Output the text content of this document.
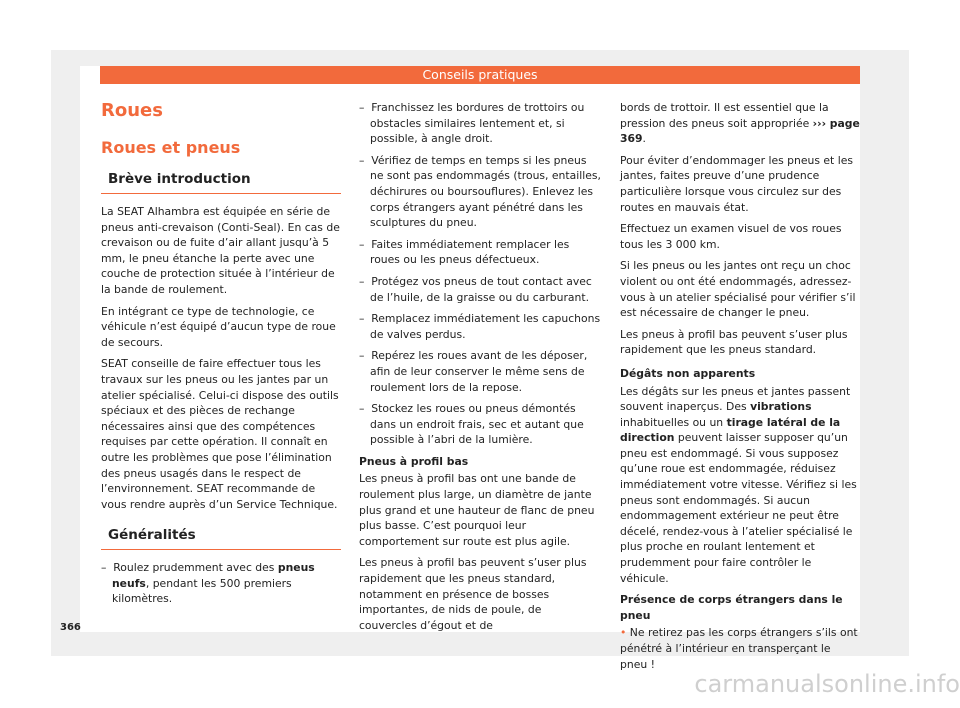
Conseils pratiques
Roues
Roues et pneus
Brève introduction

La SEAT Alhambra est équipée en série de pneus anti-crevaison (Conti-Seal). En cas de crevaison ou de fuite d’air allant jusqu’à 5 mm, le pneu étanche la perte avec une couche de protection située à l’intérieur de la bande de roulement.

En intégrant ce type de technologie, ce véhicule n’est équipé d’aucun type de roue de secours.

SEAT conseille de faire effectuer tous les travaux sur les pneus ou les jantes par un atelier spécialisé. Celui-ci dispose des outils spéciaux et des pièces de rechange nécessaires ainsi que des compétences requises par cette opération. Il connaît en outre les problèmes que pose l’élimination des pneus usagés dans le respect de l’environnement. SEAT recommande de vous rendre auprès d’un Service Technique.

Généralités
–  Roulez prudemment avec des pneus neufs, pendant les 500 premiers kilomètres.
–  Franchissez les bordures de trottoirs ou obstacles similaires lentement et, si possible, à angle droit.
–  Vérifiez de temps en temps si les pneus ne sont pas endommagés (trous, entailles, déchirures ou boursouflures). Enlevez les corps étrangers ayant pénétré dans les sculptures du pneu.
–  Faites immédiatement remplacer les roues ou les pneus défectueux.
–  Protégez vos pneus de tout contact avec de l’huile, de la graisse ou du carburant.
–  Remplacez immédiatement les capuchons de valves perdus.
–  Repérez les roues avant de les déposer, afin de leur conserver le même sens de roulement lors de la repose.
–  Stockez les roues ou pneus démontés dans un endroit frais, sec et autant que possible à l’abri de la lumière.
Pneus à profil bas

Les pneus à profil bas ont une bande de roulement plus large, un diamètre de jante plus grand et une hauteur de flanc de pneu plus basse. C’est pourquoi leur comportement sur route est plus agile.

Les pneus à profil bas peuvent s’user plus rapidement que les pneus standard, notamment en présence de bosses importantes, de nids de poule, de couvercles d’égout et de

bords de trottoir. Il est essentiel que la pression des pneus soit appropriée ››› page 369.

Pour éviter d’endommager les pneus et les jantes, faites preuve d’une prudence particulière lorsque vous circulez sur des routes en mauvais état.

Effectuez un examen visuel de vos roues tous les 3 000 km.

Si les pneus ou les jantes ont reçu un choc violent ou ont été endommagés, adressez-vous à un atelier spécialisé pour vérifier s’il est nécessaire de changer le pneu.

Les pneus à profil bas peuvent s’user plus rapidement que les pneus standard.

Dégâts non apparents

Les dégâts sur les pneus et jantes passent souvent inaperçus. Des vibrations inhabituelles ou un tirage latéral de la direction peuvent laisser supposer qu’un pneu est endommagé. Si vous supposez qu’une roue est endommagée, réduisez immédiatement votre vitesse. Vérifiez si les pneus sont endommagés. Si aucun endommagement extérieur ne peut être décelé, rendez-vous à l’atelier spécialisé le plus proche en roulant lentement et prudemment pour faire contrôler le véhicule.

Présence de corps étrangers dans le pneu

• Ne retirez pas les corps étrangers s’ils ont pénétré à l’intérieur en transperçant le pneu !

366
carmanualsonline.info
